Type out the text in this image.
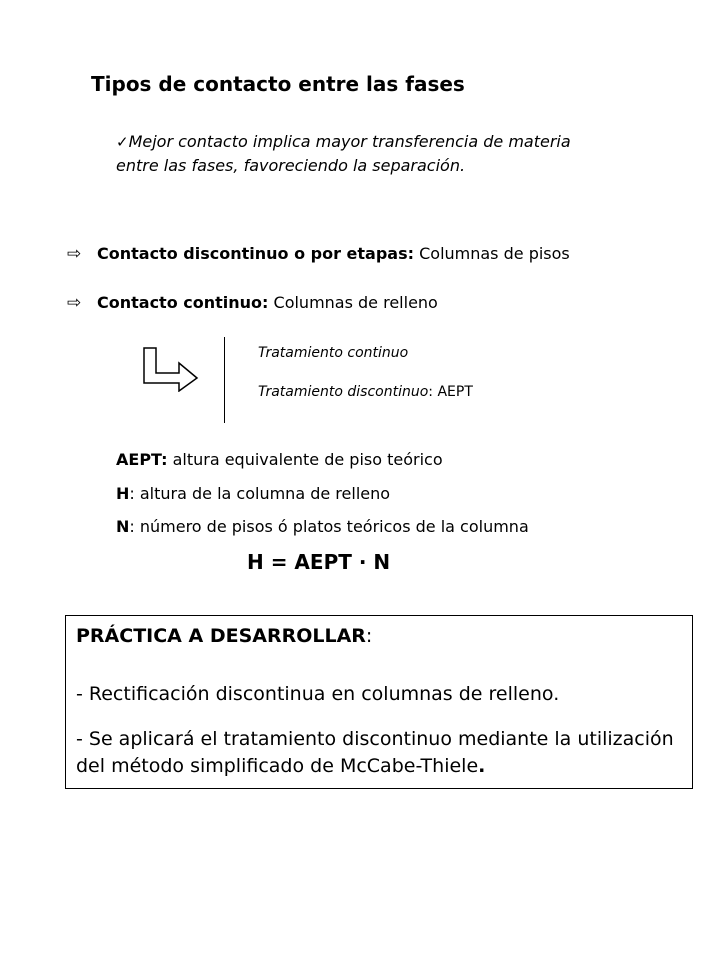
Tipos de contacto entre las fases
✓Mejor contacto implica mayor transferencia de materia
entre las fases, favoreciendo la separación.
⇨ Contacto discontinuo o por etapas: Columnas de pisos
⇨ Contacto continuo: Columnas de relleno
Tratamiento continuo
Tratamiento discontinuo: AEPT
AEPT: altura equivalente de piso teórico
H: altura de la columna de relleno
N: número de pisos ó platos teóricos de la columna
H = AEPT · N
PRÁCTICA A DESARROLLAR:
- Rectificación discontinua en columnas de relleno.
- Se aplicará el tratamiento discontinuo mediante la utilización del método simplificado de McCabe-Thiele.
